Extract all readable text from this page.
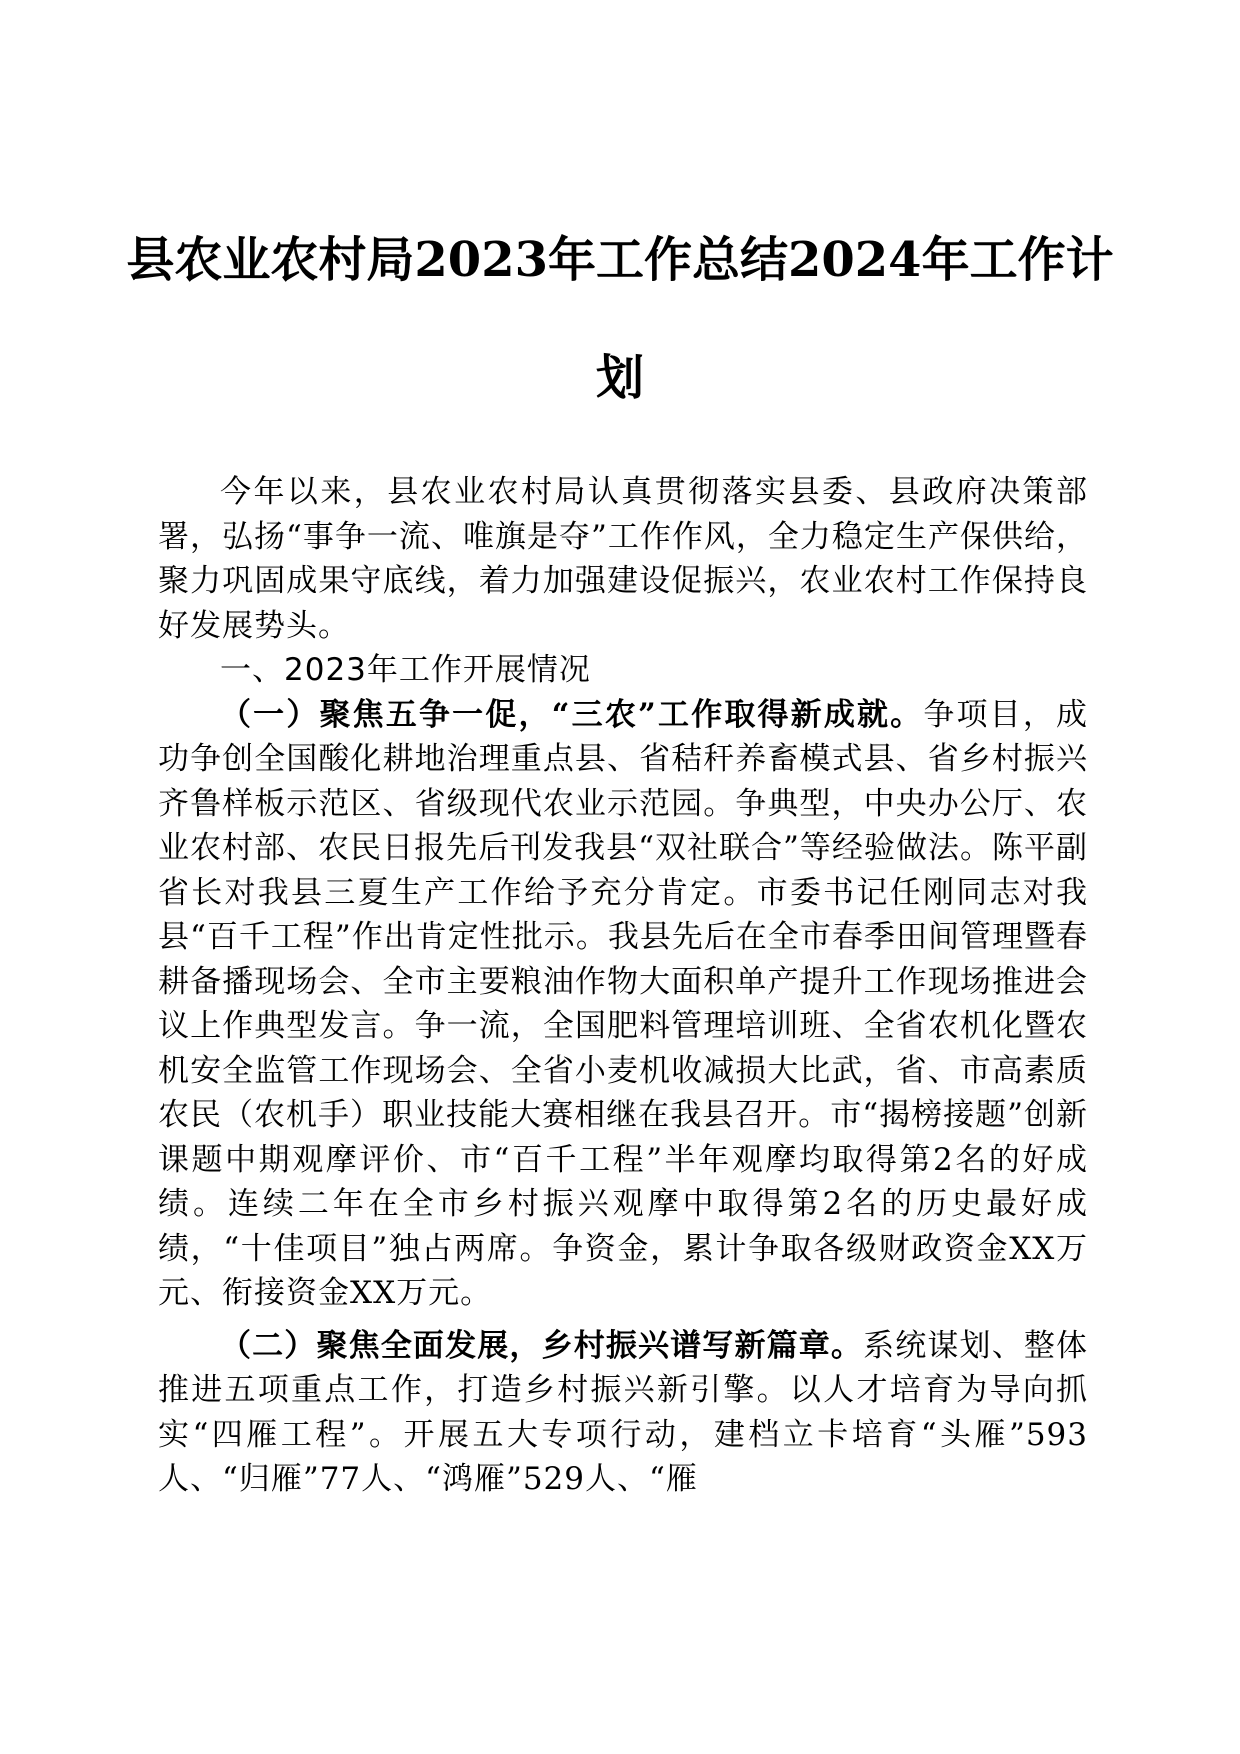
县农业农村局2023年工作总结2024年工作计
划

今年以来，县农业农村局认真贯彻落实县委、县政府决策部署，弘扬“事争一流、唯旗是夺”工作作风，全力稳定生产保供给，聚力巩固成果守底线，着力加强建设促振兴，农业农村工作保持良好发展势头。

一、2023年工作开展情况

（一）聚焦五争一促，“三农”工作取得新成就。争项目，成功争创全国酸化耕地治理重点县、省秸秆养畜模式县、省乡村振兴齐鲁样板示范区、省级现代农业示范园。争典型，中央办公厅、农业农村部、农民日报先后刊发我县“双社联合”等经验做法。陈平副省长对我县三夏生产工作给予充分肯定。市委书记任刚同志对我县“百千工程”作出肯定性批示。我县先后在全市春季田间管理暨春耕备播现场会、全市主要粮油作物大面积单产提升工作现场推进会议上作典型发言。争一流，全国肥料管理培训班、全省农机化暨农机安全监管工作现场会、全省小麦机收减损大比武，省、市高素质农民（农机手）职业技能大赛相继在我县召开。市“揭榜接题”创新课题中期观摩评价、市“百千工程”半年观摩均取得第2名的好成绩。连续二年在全市乡村振兴观摩中取得第2名的历史最好成绩，“十佳项目”独占两席。争资金，累计争取各级财政资金XX万元、衔接资金XX万元。

（二）聚焦全面发展，乡村振兴谱写新篇章。系统谋划、整体推进五项重点工作，打造乡村振兴新引擎。以人才培育为导向抓实“四雁工程”。开展五大专项行动，建档立卡培育“头雁”593人、“归雁”77人、“鸿雁”529人、“雁
